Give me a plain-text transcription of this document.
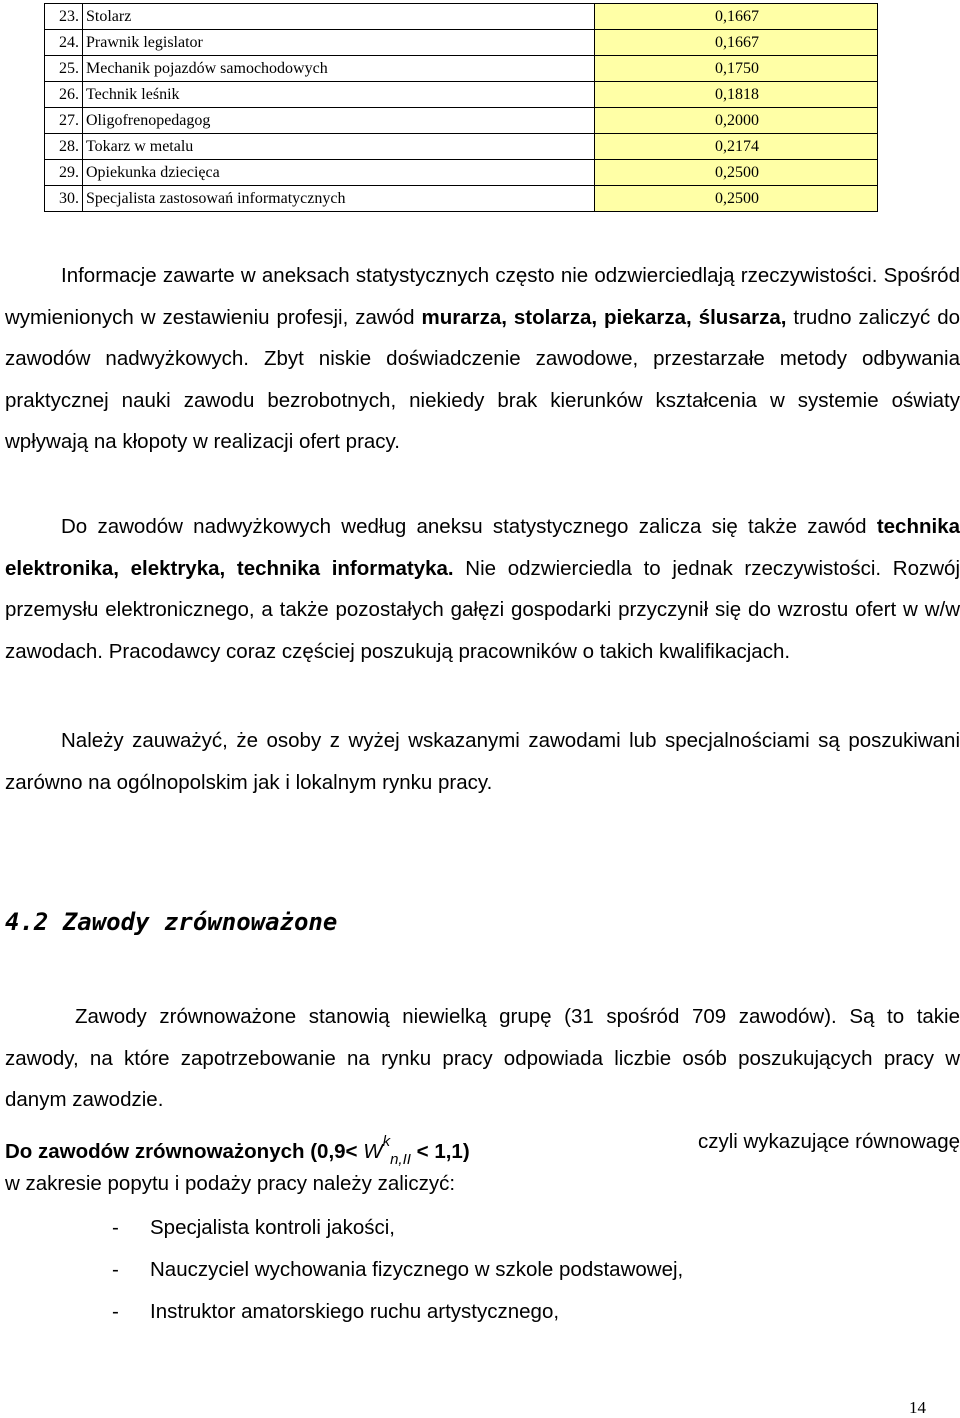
23.	Stolarz	0,1667
24.	Prawnik legislator	0,1667
25.	Mechanik pojazdów samochodowych	0,1750
26.	Technik leśnik	0,1818
27.	Oligofrenopedagog	0,2000
28.	Tokarz w metalu	0,2174
29.	Opiekunka dziecięca	0,2500
30.	Specjalista zastosowań informatycznych	0,2500

Informacje zawarte w aneksach statystycznych często nie odzwierciedlają rzeczywistości. Spośród wymienionych w zestawieniu profesji, zawód murarza, stolarza, piekarza, ślusarza, trudno zaliczyć do zawodów nadwyżkowych. Zbyt niskie doświadczenie zawodowe, przestarzałe metody odbywania praktycznej nauki zawodu bezrobotnych, niekiedy brak kierunków kształcenia w systemie oświaty wpływają na kłopoty w realizacji ofert pracy.

Do zawodów nadwyżkowych według aneksu statystycznego zalicza się także zawód technika elektronika, elektryka, technika informatyka. Nie odzwierciedla to jednak rzeczywistości. Rozwój przemysłu elektronicznego, a także pozostałych gałęzi gospodarki przyczynił się do wzrostu ofert w w/w zawodach. Pracodawcy coraz częściej poszukują pracowników o takich kwalifikacjach.

Należy zauważyć, że osoby z wyżej wskazanymi zawodami lub specjalnościami są poszukiwani zarówno na ogólnopolskim jak i lokalnym rynku pracy.

4.2 Zawody zrównoważone

Zawody zrównoważone stanowią niewielką grupę (31 spośród 709 zawodów). Są to takie zawody, na które zapotrzebowanie na rynku pracy odpowiada liczbie osób poszukujących pracy w danym zawodzie.

Do zawodów zrównoważonych $(0,9< W^k_{n,II} < 1,1)$	czyli wykazujące równowagę
w zakresie popytu i podaży pracy należy zaliczyć:
- Specjalista kontroli jakości,
- Nauczyciel wychowania fizycznego w szkole podstawowej,
- Instruktor amatorskiego ruchu artystycznego,
14
